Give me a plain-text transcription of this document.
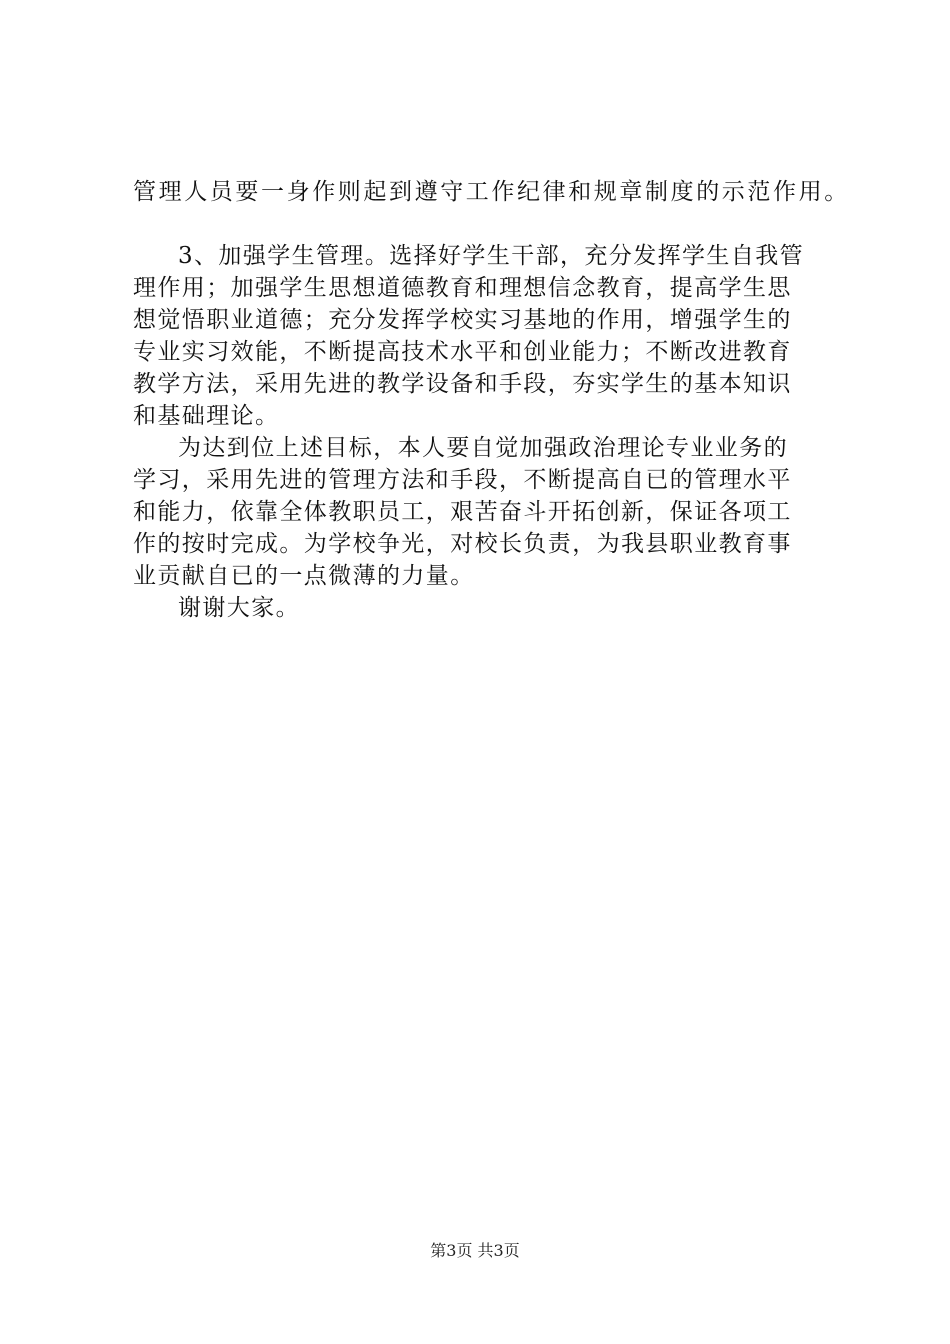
管理人员要一身作则起到遵守工作纪律和规章制度的示范作用。
3、加强学生管理。选择好学生干部，充分发挥学生自我管
理作用；加强学生思想道德教育和理想信念教育，提高学生思
想觉悟职业道德；充分发挥学校实习基地的作用，增强学生的
专业实习效能，不断提高技术水平和创业能力；不断改进教育
教学方法，采用先进的教学设备和手段，夯实学生的基本知识
和基础理论。
为达到位上述目标，本人要自觉加强政治理论专业业务的
学习，采用先进的管理方法和手段，不断提高自已的管理水平
和能力，依靠全体教职员工，艰苦奋斗开拓创新，保证各项工
作的按时完成。为学校争光，对校长负责，为我县职业教育事
业贡献自已的一点微薄的力量。
谢谢大家。
第3页 共3页
